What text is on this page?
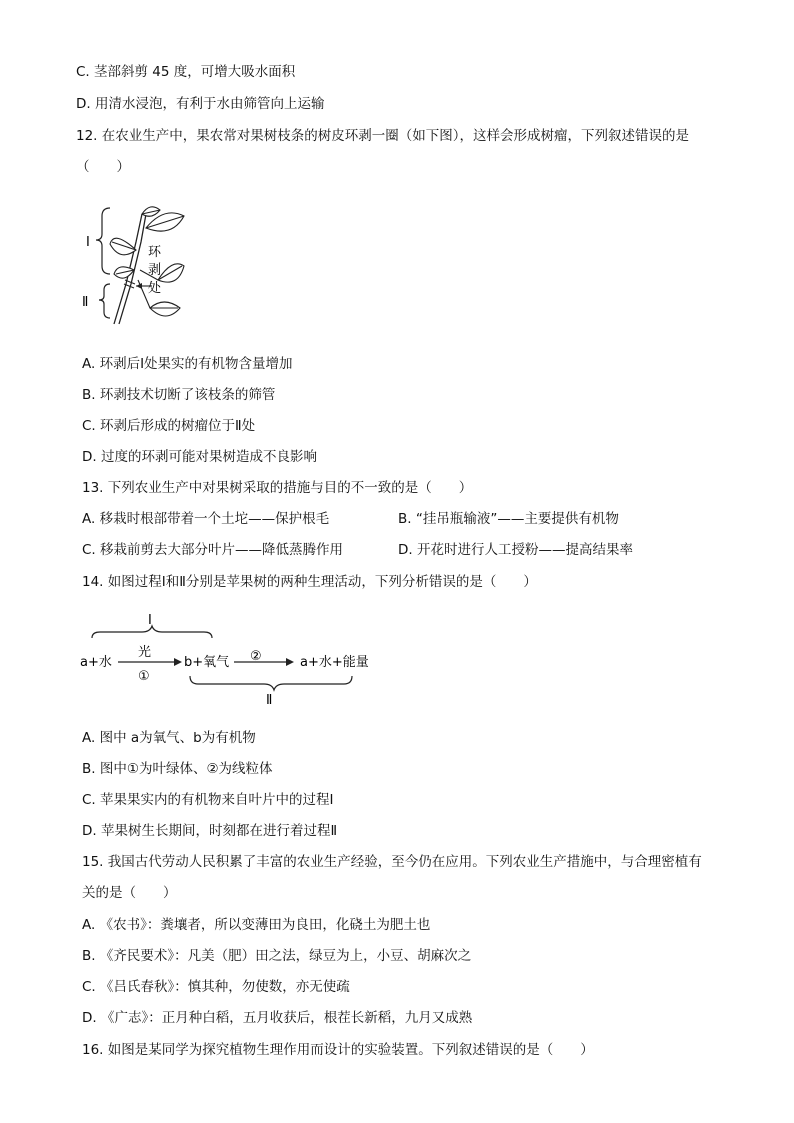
C. 茎部斜剪 45 度，可增大吸水面积
D. 用清水浸泡，有利于水由筛管向上运输
12. 在农业生产中，果农常对果树枝条的树皮环剥一圈（如下图），这样会形成树瘤，下列叙述错误的是
（　　）
Ⅰ
Ⅱ
环
剥
处
A. 环剥后Ⅰ处果实的有机物含量增加
B. 环剥技术切断了该枝条的筛管
C. 环剥后形成的树瘤位于Ⅱ处
D. 过度的环剥可能对果树造成不良影响
13. 下列农业生产中对果树采取的措施与目的不一致的是（　　）
A. 移栽时根部带着一个土坨——保护根毛	B. “挂吊瓶输液”——主要提供有机物
C. 移栽前剪去大部分叶片——降低蒸腾作用	D. 开花时进行人工授粉——提高结果率
14. 如图过程Ⅰ和Ⅱ分别是苹果树的两种生理活动，下列分析错误的是（　　）
Ⅰ
a+水
光
①
b+氧气 ②	a+水+能量
Ⅱ
A. 图中 a为氧气、b为有机物
B. 图中①为叶绿体、②为线粒体
C. 苹果果实内的有机物来自叶片中的过程Ⅰ
D. 苹果树生长期间，时刻都在进行着过程Ⅱ
15. 我国古代劳动人民积累了丰富的农业生产经验，至今仍在应用。下列农业生产措施中，与合理密植有
关的是（　　）
A. 《农书》：粪壤者，所以变薄田为良田，化硗土为肥土也
B. 《齐民要术》：凡美（肥）田之法，绿豆为上，小豆、胡麻次之
C. 《吕氏春秋》：慎其种，勿使数，亦无使疏
D. 《广志》：正月种白稻，五月收获后，根茬长新稻，九月又成熟
16. 如图是某同学为探究植物生理作用而设计的实验装置。下列叙述错误的是（　　）
